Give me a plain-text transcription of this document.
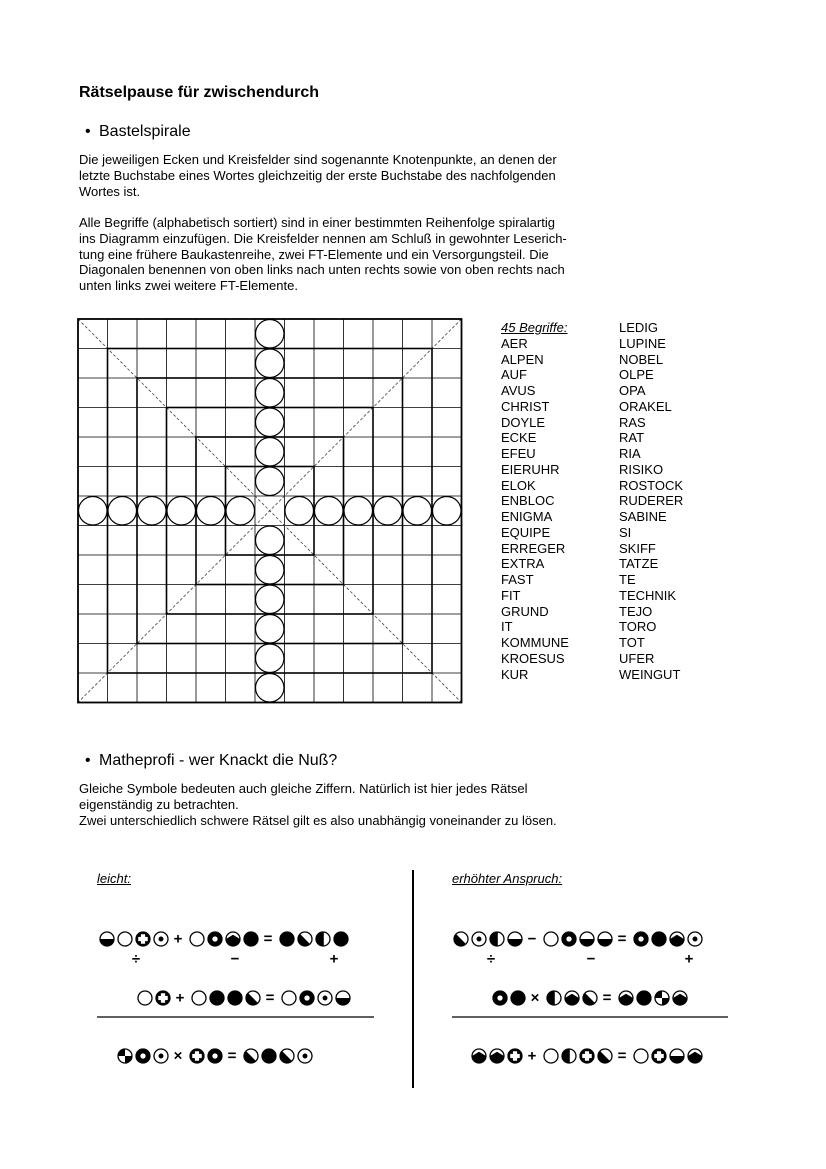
Rätselpause für zwischendurch
• Bastelspirale

Die jeweiligen Ecken und Kreisfelder sind sogenannte Knotenpunkte, an denen der

letzte Buchstabe eines Wortes gleichzeitig der erste Buchstabe des nachfolgenden

Wortes ist.

Alle Begriffe (alphabetisch sortiert) sind in einer bestimmten Reihenfolge spiralartig

ins Diagramm einzufügen. Die Kreisfelder nennen am Schluß in gewohnter Leserich-

tung eine frühere Baukastenreihe, zwei FT-Elemente und ein Versorgungsteil. Die

Diagonalen benennen von oben links nach unten rechts sowie von oben rechts nach

unten links zwei weitere FT-Elemente.

45 Begriffe:
AER
ALPEN
AUF
AVUS
CHRIST
DOYLE
ECKE
EFEU
EIERUHR
ELOK
ENBLOC
ENIGMA
EQUIPE
ERREGER
EXTRA
FAST
FIT
GRUND
IT
KOMMUNE
KROESUS
KUR
LEDIG
LUPINE
NOBEL
OLPE
OPA
ORAKEL
RAS
RAT
RIA
RISIKO
ROSTOCK
RUDERER
SABINE
SI
SKIFF
TATZE
TE
TECHNIK
TEJO
TORO
TOT
UFER
WEINGUT
• Matheprofi - wer Knackt die Nuß?

Gleiche Symbole bedeuten auch gleiche Ziffern. Natürlich ist hier jedes Rätsel

eigenständig zu betrachten.

Zwei unterschiedlich schwere Rätsel gilt es also unabhängig voneinander zu lösen.

leicht:	erhöhter Anspruch:
+	=
÷	−	+
+	=
×	=
−	=
÷	−	+
×	=
+	=
